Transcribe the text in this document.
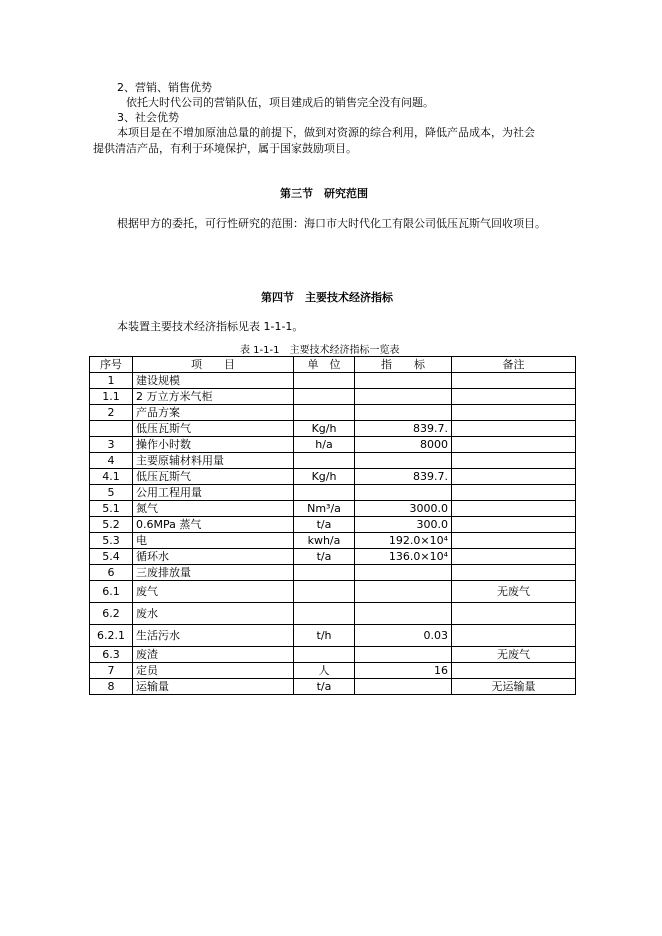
2、营销、销售优势
依托大时代公司的营销队伍，项目建成后的销售完全没有问题。
3、社会优势
本项目是在不增加原油总量的前提下，做到对资源的综合利用，降低产品成本，为社会
提供清洁产品，有利于环境保护，属于国家鼓励项目。
第三节　研究范围
根据甲方的委托，可行性研究的范围：海口市大时代化工有限公司低压瓦斯气回收项目。
第四节　主要技术经济指标
本装置主要技术经济指标见表 1-1-1。
表 1-1-1　主要技术经济指标一览表
序号	项　　目	单　位	指　　标	备注
1	建设规模			
1.1	2 万立方米气柜			
2	产品方案			
	低压瓦斯气	Kg/h	839.7.	
3	操作小时数	h/a	8000	
4	主要原辅材料用量			
4.1	低压瓦斯气	Kg/h	839.7.	
5	公用工程用量			
5.1	氮气	Nm³/a	3000.0	
5.2	0.6MPa 蒸气	t/a	300.0	
5.3	电	kwh/a	192.0×10⁴	
5.4	循环水	t/a	136.0×10⁴	
6	三废排放量			
6.1	废气			无废气
6.2	废水			
6.2.1	生活污水	t/h	0.03	
6.3	废渣			无废气
7	定员	人	16	
8	运输量	t/a		无运输量
